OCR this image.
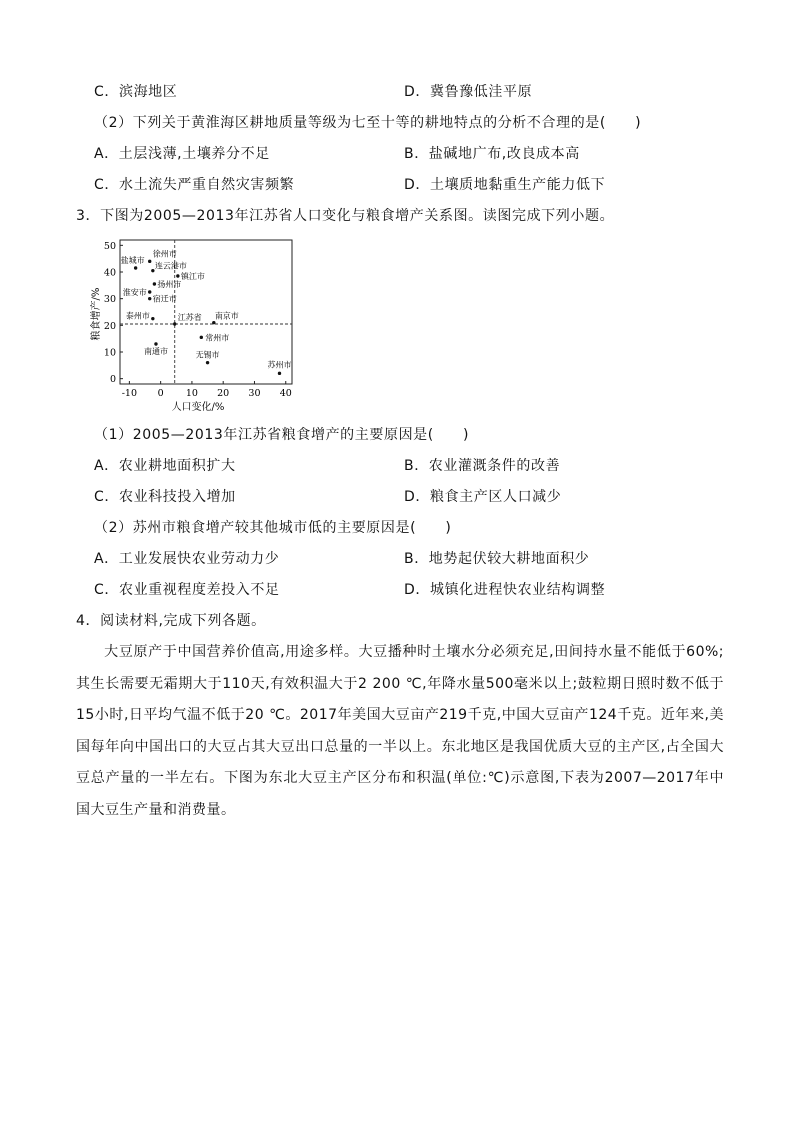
C．滨海地区	D．冀鲁豫低洼平原
（2）下列关于黄淮海区耕地质量等级为七至十等的耕地特点的分析不合理的是(　　)
A．土层浅薄,土壤养分不足	B．盐碱地广布,改良成本高
C．水土流失严重自然灾害频繁	D．土壤质地黏重生产能力低下
3．下图为2005—2013年江苏省人口变化与粮食增产关系图。读图完成下列小题。
-10 0 10 20 30 40
0
10
20
30
40
50
盐城市
徐州市
连云港市
镇江市
扬州市
淮安市
宿迁市
泰州市	江苏省 南京市
常州市
南通市	无锡市
苏州市
人口变化/%
粮食增产/%
（1）2005—2013年江苏省粮食增产的主要原因是(　　)
A．农业耕地面积扩大	B．农业灌溉条件的改善
C．农业科技投入增加	D．粮食主产区人口减少
（2）苏州市粮食增产较其他城市低的主要原因是(　　)
A．工业发展快农业劳动力少	B．地势起伏较大耕地面积少
C．农业重视程度差投入不足	D．城镇化进程快农业结构调整
4．阅读材料,完成下列各题。
大豆原产于中国营养价值高,用途多样。大豆播种时土壤水分必须充足,田间持水量不能低于60%;其生长需要无霜期大于110天,有效积温大于2 200 ℃,年降水量500毫米以上;鼓粒期日照时数不低于15小时,日平均气温不低于20 ℃。2017年美国大豆亩产219千克,中国大豆亩产124千克。近年来,美国每年向中国出口的大豆占其大豆出口总量的一半以上。东北地区是我国优质大豆的主产区,占全国大豆总产量的一半左右。下图为东北大豆主产区分布和积温(单位:℃)示意图,下表为2007—2017年中国大豆生产量和消费量。
